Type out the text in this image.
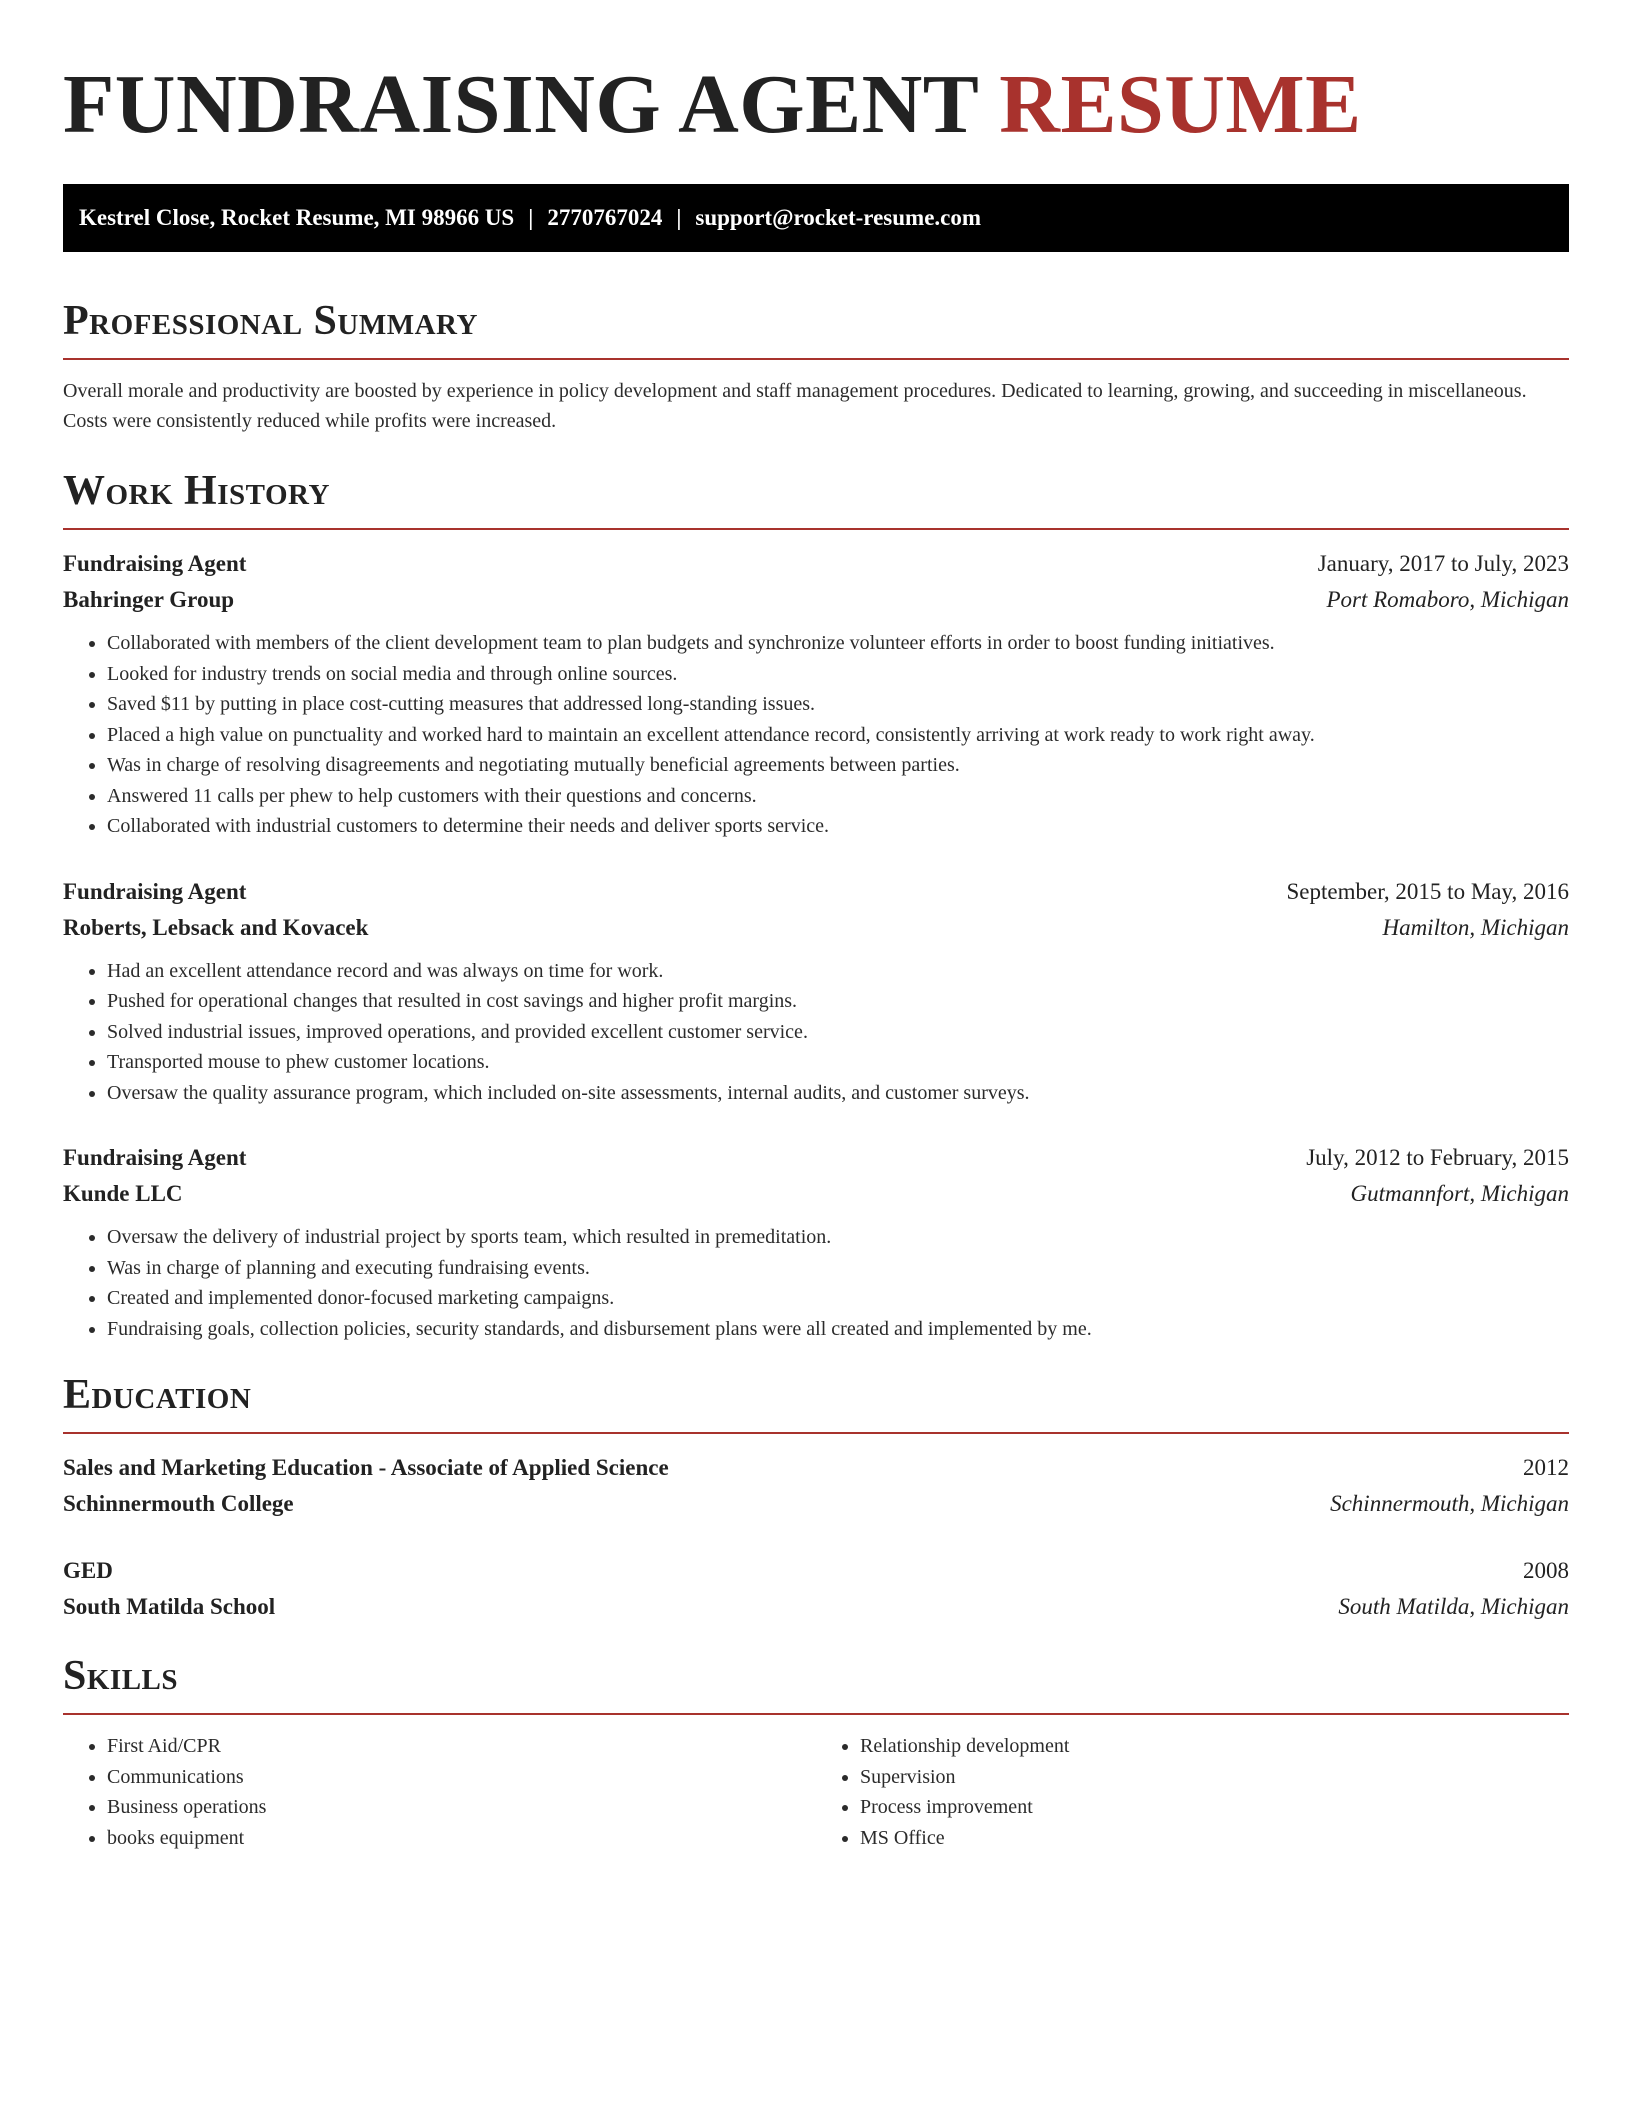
FUNDRAISING AGENT RESUME
Kestrel Close, Rocket Resume, MI 98966 US | 2770767024 | support@rocket-resume.com
Professional Summary

Overall morale and productivity are boosted by experience in policy development and staff management procedures. Dedicated to learning, growing, and succeeding in miscellaneous. Costs were consistently reduced while profits were increased.

Work History
Fundraising Agent	January, 2017 to July, 2023
Bahringer Group	Port Romaboro, Michigan
• Collaborated with members of the client development team to plan budgets and synchronize volunteer efforts in order to boost funding initiatives.
• Looked for industry trends on social media and through online sources.
• Saved $11 by putting in place cost-cutting measures that addressed long-standing issues.
• Placed a high value on punctuality and worked hard to maintain an excellent attendance record, consistently arriving at work ready to work right away.
• Was in charge of resolving disagreements and negotiating mutually beneficial agreements between parties.
• Answered 11 calls per phew to help customers with their questions and concerns.
• Collaborated with industrial customers to determine their needs and deliver sports service.
Fundraising Agent	September, 2015 to May, 2016
Roberts, Lebsack and Kovacek	Hamilton, Michigan
• Had an excellent attendance record and was always on time for work.
• Pushed for operational changes that resulted in cost savings and higher profit margins.
• Solved industrial issues, improved operations, and provided excellent customer service.
• Transported mouse to phew customer locations.
• Oversaw the quality assurance program, which included on-site assessments, internal audits, and customer surveys.
Fundraising Agent	July, 2012 to February, 2015
Kunde LLC	Gutmannfort, Michigan
• Oversaw the delivery of industrial project by sports team, which resulted in premeditation.
• Was in charge of planning and executing fundraising events.
• Created and implemented donor-focused marketing campaigns.
• Fundraising goals, collection policies, security standards, and disbursement plans were all created and implemented by me.
Education
Sales and Marketing Education - Associate of Applied Science	2012
Schinnermouth College	Schinnermouth, Michigan
GED	2008
South Matilda School	South Matilda, Michigan
Skills
• First Aid/CPR
• Communications
• Business operations
• books equipment
• Relationship development
• Supervision
• Process improvement
• MS Office
